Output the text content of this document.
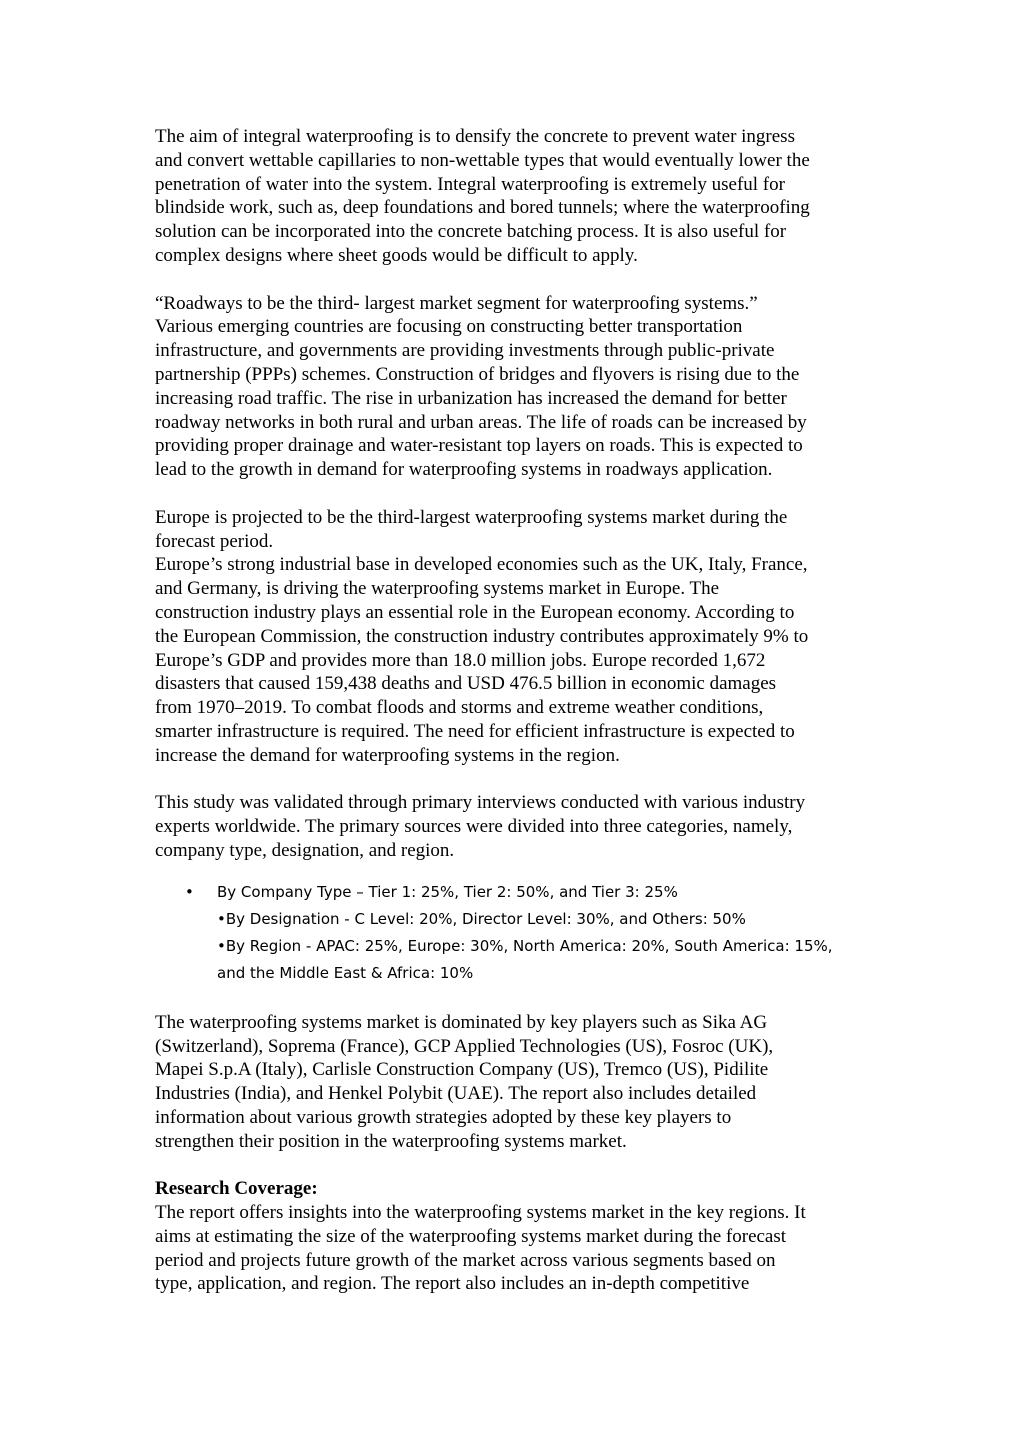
The aim of integral waterproofing is to densify the concrete to prevent water ingress
and convert wettable capillaries to non-wettable types that would eventually lower the
penetration of water into the system. Integral waterproofing is extremely useful for
blindside work, such as, deep foundations and bored tunnels; where the waterproofing
solution can be incorporated into the concrete batching process. It is also useful for
complex designs where sheet goods would be difficult to apply.

“Roadways to be the third- largest market segment for waterproofing systems.”
Various emerging countries are focusing on constructing better transportation
infrastructure, and governments are providing investments through public-private
partnership (PPPs) schemes. Construction of bridges and flyovers is rising due to the
increasing road traffic. The rise in urbanization has increased the demand for better
roadway networks in both rural and urban areas. The life of roads can be increased by
providing proper drainage and water-resistant top layers on roads. This is expected to
lead to the growth in demand for waterproofing systems in roadways application.

Europe is projected to be the third-largest waterproofing systems market during the
forecast period.
Europe’s strong industrial base in developed economies such as the UK, Italy, France,
and Germany, is driving the waterproofing systems market in Europe. The
construction industry plays an essential role in the European economy. According to
the European Commission, the construction industry contributes approximately 9% to
Europe’s GDP and provides more than 18.0 million jobs. Europe recorded 1,672
disasters that caused 159,438 deaths and USD 476.5 billion in economic damages
from 1970–2019. To combat floods and storms and extreme weather conditions,
smarter infrastructure is required. The need for efficient infrastructure is expected to
increase the demand for waterproofing systems in the region.

This study was validated through primary interviews conducted with various industry
experts worldwide. The primary sources were divided into three categories, namely,
company type, designation, and region.

• By Company Type – Tier 1: 25%, Tier 2: 50%, and Tier 3: 25%
•By Designation - C Level: 20%, Director Level: 30%, and Others: 50%
•By Region - APAC: 25%, Europe: 30%, North America: 20%, South America: 15%,
and the Middle East & Africa: 10%

The waterproofing systems market is dominated by key players such as Sika AG
(Switzerland), Soprema (France), GCP Applied Technologies (US), Fosroc (UK),
Mapei S.p.A (Italy), Carlisle Construction Company (US), Tremco (US), Pidilite
Industries (India), and Henkel Polybit (UAE). The report also includes detailed
information about various growth strategies adopted by these key players to
strengthen their position in the waterproofing systems market.

Research Coverage:
The report offers insights into the waterproofing systems market in the key regions. It
aims at estimating the size of the waterproofing systems market during the forecast
period and projects future growth of the market across various segments based on
type, application, and region. The report also includes an in-depth competitive
